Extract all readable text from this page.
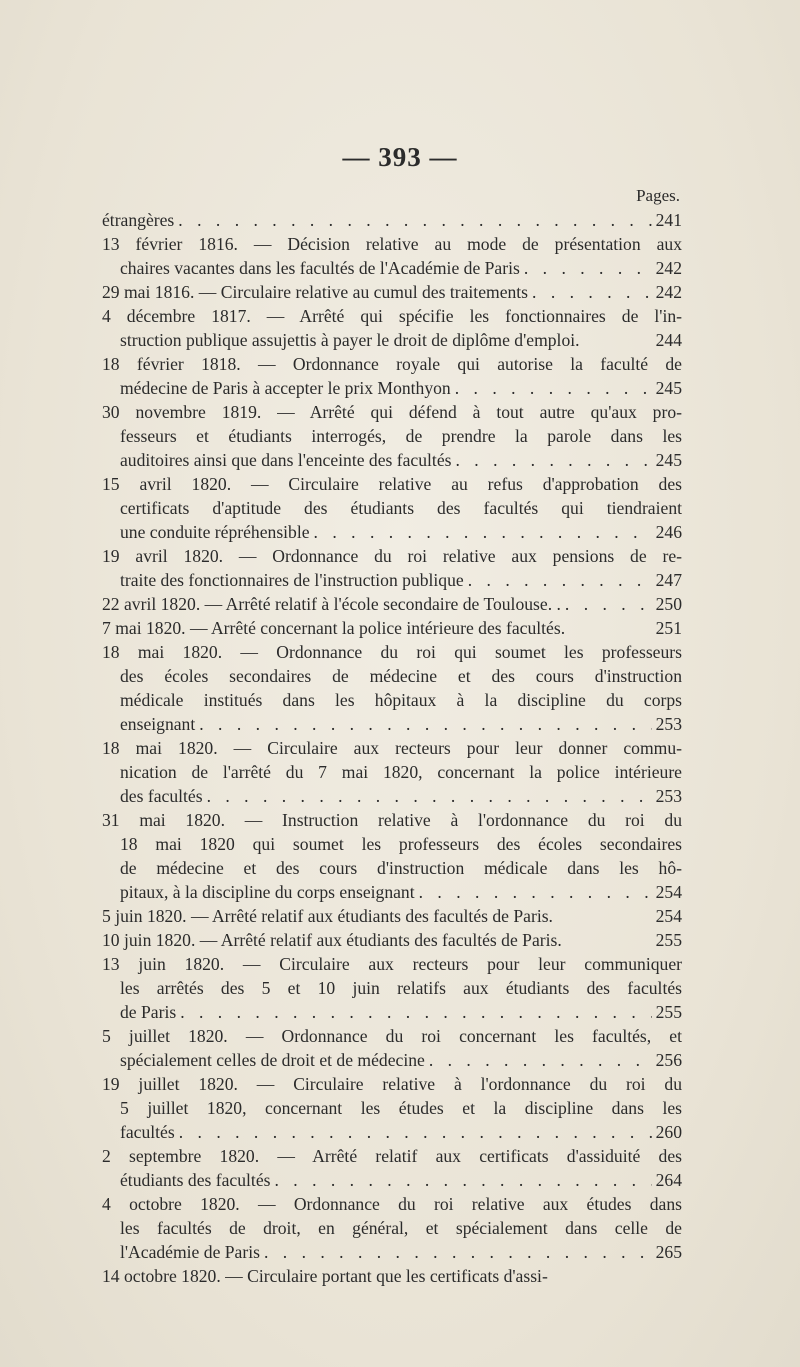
— 393 —
Pages.
étrangères . . .	241
13 février 1816. — Décision relative au mode de présentation aux
chaires vacantes dans les facultés de l'Académie de Paris . . .	242
29 mai 1816. — Circulaire relative au cumul des traitements . . .	242
4 décembre 1817. — Arrêté qui spécifie les fonctionnaires de l'in-
struction publique assujettis à payer le droit de diplôme d'emploi.	244
18 février 1818. — Ordonnance royale qui autorise la faculté de
médecine de Paris à accepter le prix Monthyon . . .	245
30 novembre 1819. — Arrêté qui défend à tout autre qu'aux pro-
fesseurs et étudiants interrogés, de prendre la parole dans les
auditoires ainsi que dans l'enceinte des facultés . . .	245
15 avril 1820. — Circulaire relative au refus d'approbation des
certificats d'aptitude des étudiants des facultés qui tiendraient
une conduite répréhensible . . .	246
19 avril 1820. — Ordonnance du roi relative aux pensions de re-
traite des fonctionnaires de l'instruction publique . . .	247
22 avril 1820. — Arrêté relatif à l'école secondaire de Toulouse. . . . .	250
7 mai 1820. — Arrêté concernant la police intérieure des facultés.	251
18 mai 1820. — Ordonnance du roi qui soumet les professeurs
des écoles secondaires de médecine et des cours d'instruction
médicale institués dans les hôpitaux à la discipline du corps
enseignant . . .	253
18 mai 1820. — Circulaire aux recteurs pour leur donner commu-
nication de l'arrêté du 7 mai 1820, concernant la police intérieure
des facultés . . .	253
31 mai 1820. — Instruction relative à l'ordonnance du roi du
18 mai 1820 qui soumet les professeurs des écoles secondaires
de médecine et des cours d'instruction médicale dans les hô-
pitaux, à la discipline du corps enseignant . . .	254
5 juin 1820. — Arrêté relatif aux étudiants des facultés de Paris.	254
10 juin 1820. — Arrêté relatif aux étudiants des facultés de Paris.	255
13 juin 1820. — Circulaire aux recteurs pour leur communiquer
les arrêtés des 5 et 10 juin relatifs aux étudiants des facultés
de Paris . . .	255
5 juillet 1820. — Ordonnance du roi concernant les facultés, et
spécialement celles de droit et de médecine . . .	256
19 juillet 1820. — Circulaire relative à l'ordonnance du roi du
5 juillet 1820, concernant les études et la discipline dans les
facultés . . .	260
2 septembre 1820. — Arrêté relatif aux certificats d'assiduité des
étudiants des facultés . . .	264
4 octobre 1820. — Ordonnance du roi relative aux études dans
les facultés de droit, en général, et spécialement dans celle de
l'Académie de Paris . . .	265
14 octobre 1820. — Circulaire portant que les certificats d'assi-
